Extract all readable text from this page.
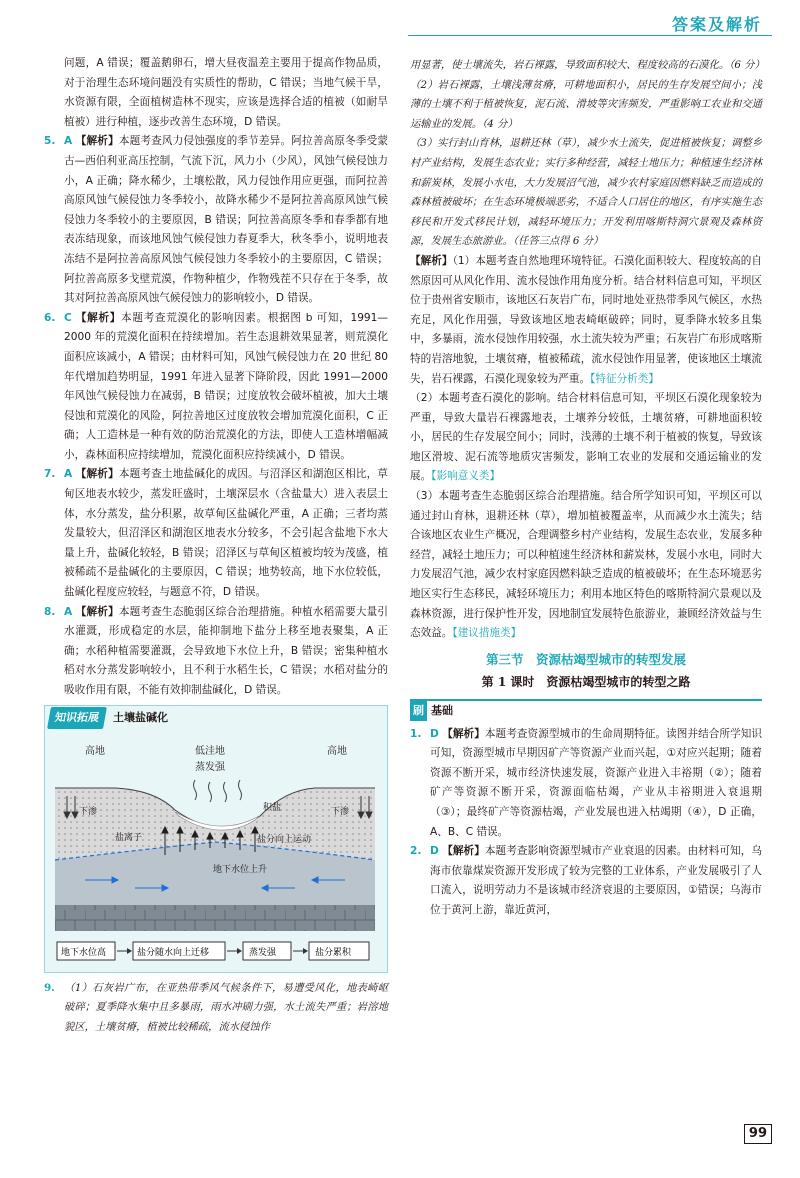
答案及解析

问题，A 错误；覆盖鹅卵石，增大昼夜温差主要用于提高作物品质，对于治理生态环境问题没有实质性的帮助，C 错误；当地气候干旱，水资源有限，全面植树造林不现实，应该是选择合适的植被（如耐旱植被）进行种植，逐步改善生态环境，D 错误。

5. A 【解析】本题考查风力侵蚀强度的季节差异。阿拉善高原冬季受蒙古—西伯利亚高压控制，气流下沉，风力小（少风），风蚀气候侵蚀力小，A 正确；降水稀少，土壤松散，风力侵蚀作用应更强，而阿拉善高原风蚀气候侵蚀力冬季较小，故降水稀少不是阿拉善高原风蚀气候侵蚀力冬季较小的主要原因，B 错误；阿拉善高原冬季和春季都有地表冻结现象，而该地风蚀气候侵蚀力春夏季大，秋冬季小，说明地表冻结不是阿拉善高原风蚀气候侵蚀力冬季较小的主要原因，C 错误；阿拉善高原多戈壁荒漠，作物种植少，作物残茬不只存在于冬季，故其对阿拉善高原风蚀气候侵蚀力的影响较小，D 错误。

6. C 【解析】本题考查荒漠化的影响因素。根据图 b 可知，1991—2000 年的荒漠化面积在持续增加。若生态退耕效果显著，则荒漠化面积应该减小，A 错误；由材料可知，风蚀气候侵蚀力在 20 世纪 80 年代增加趋势明显，1991 年进入显著下降阶段，因此 1991—2000 年风蚀气候侵蚀力在减弱，B 错误；过度放牧会破坏植被，加大土壤侵蚀和荒漠化的风险，阿拉善地区过度放牧会增加荒漠化面积，C 正确；人工造林是一种有效的防治荒漠化的方法，即使人工造林增幅减小，森林面积应持续增加，荒漠化面积应持续减小，D 错误。

7. A 【解析】本题考查土地盐碱化的成因。与沼泽区和湖泡区相比，草甸区地表水较少，蒸发旺盛时，土壤深层水（含盐量大）进入表层土体，水分蒸发，盐分积累，故草甸区盐碱化严重，A 正确；三者均蒸发量较大，但沼泽区和湖泡区地表水分较多，不会引起含盐地下水大量上升，盐碱化较轻，B 错误；沼泽区与草甸区植被均较为茂盛，植被稀疏不是盐碱化的主要原因，C 错误；地势较高，地下水位较低，盐碱化程度应较轻，与题意不符，D 错误。

8. A 【解析】本题考查生态脆弱区综合治理措施。种植水稻需要大量引水灌溉，形成稳定的水层，能抑制地下盐分上移至地表聚集，A 正确；水稻种植需要灌溉，会导致地下水位上升，B 错误；密集种植水稻对水分蒸发影响较小，且不利于水稻生长，C 错误；水稻对盐分的吸收作用有限，不能有效抑制盐碱化，D 错误。

知识拓展	土壤盐碱化
高地	低洼地	高地
蒸发强
积盐
下渗	下渗
盐离子	盐分向上运动
地下水位上升
地下水位高	盐分随水向上迁移	蒸发强	盐分累积

9. （1）石灰岩广布，在亚热带季风气候条件下，易遭受风化，地表崎岖破碎；夏季降水集中且多暴雨，雨水冲刷力强，水土流失严重；岩溶地貌区，土壤贫瘠，植被比较稀疏，流水侵蚀作

用显著，使土壤流失，岩石裸露，导致面积较大、程度较高的石漠化。（6 分）

（2）岩石裸露，土壤浅薄贫瘠，可耕地面积小，居民的生存发展空间小；浅薄的土壤不利于植被恢复，泥石流、滑坡等灾害频发，严重影响工农业和交通运输业的发展。（4 分）

（3）实行封山育林，退耕还林（草），减少水土流失，促进植被恢复；调整乡村产业结构，发展生态农业；实行多种经营，减轻土地压力；种植速生经济林和薪炭林，发展小水电，大力发展沼气池，减少农村家庭因燃料缺乏而造成的森林植被破坏；在生态环境极端恶劣，不适合人口居住的地区，有序实施生态移民和开发式移民计划，减轻环境压力；开发利用喀斯特洞穴景观及森林资源，发展生态旅游业。（任答三点得 6 分）

【解析】（1）本题考查自然地理环境特征。石漠化面积较大、程度较高的自然原因可从风化作用、流水侵蚀作用角度分析。结合材料信息可知，平坝区位于贵州省安顺市，该地区石灰岩广布，同时地处亚热带季风气候区，水热充足，风化作用强，导致该地区地表崎岖破碎；同时，夏季降水较多且集中，多暴雨，流水侵蚀作用较强，水土流失较为严重；石灰岩广布形成喀斯特的岩溶地貌，土壤贫瘠，植被稀疏，流水侵蚀作用显著，使该地区土壤流失，岩石裸露，石漠化现象较为严重。【特征分析类】

（2）本题考查石漠化的影响。结合材料信息可知，平坝区石漠化现象较为严重，导致大量岩石裸露地表，土壤养分较低，土壤贫瘠，可耕地面积较小，居民的生存发展空间小；同时，浅薄的土壤不利于植被的恢复，导致该地区滑坡、泥石流等地质灾害频发，影响工农业的发展和交通运输业的发展。【影响意义类】

（3）本题考查生态脆弱区综合治理措施。结合所学知识可知，平坝区可以通过封山育林，退耕还林（草），增加植被覆盖率，从而减少水土流失；结合该地区农业生产概况，合理调整乡村产业结构，发展生态农业，发展多种经营，减轻土地压力；可以种植速生经济林和薪炭林，发展小水电，同时大力发展沼气池，减少农村家庭因燃料缺乏造成的植被破坏；在生态环境恶劣地区实行生态移民，减轻环境压力；利用本地区特色的喀斯特洞穴景观以及森林资源，进行保护性开发，因地制宜发展特色旅游业，兼顾经济效益与生态效益。【建议措施类】

第三节　资源枯竭型城市的转型发展
第 1 课时　资源枯竭型城市的转型之路
刷 基础

1. D 【解析】本题考查资源型城市的生命周期特征。读图并结合所学知识可知，资源型城市早期因矿产等资源产业而兴起，①对应兴起期；随着资源不断开采，城市经济快速发展，资源产业进入丰裕期（②）；随着矿产等资源不断开采，资源面临枯竭，产业从丰裕期进入衰退期（③）；最终矿产等资源枯竭，产业发展也进入枯竭期（④），D 正确，A、B、C 错误。

2. D 【解析】本题考查影响资源型城市产业衰退的因素。由材料可知，乌海市依靠煤炭资源开发形成了较为完整的工业体系，产业发展吸引了人口流入，说明劳动力不是该城市经济衰退的主要原因，①错误；乌海市位于黄河上游，靠近黄河，

99
